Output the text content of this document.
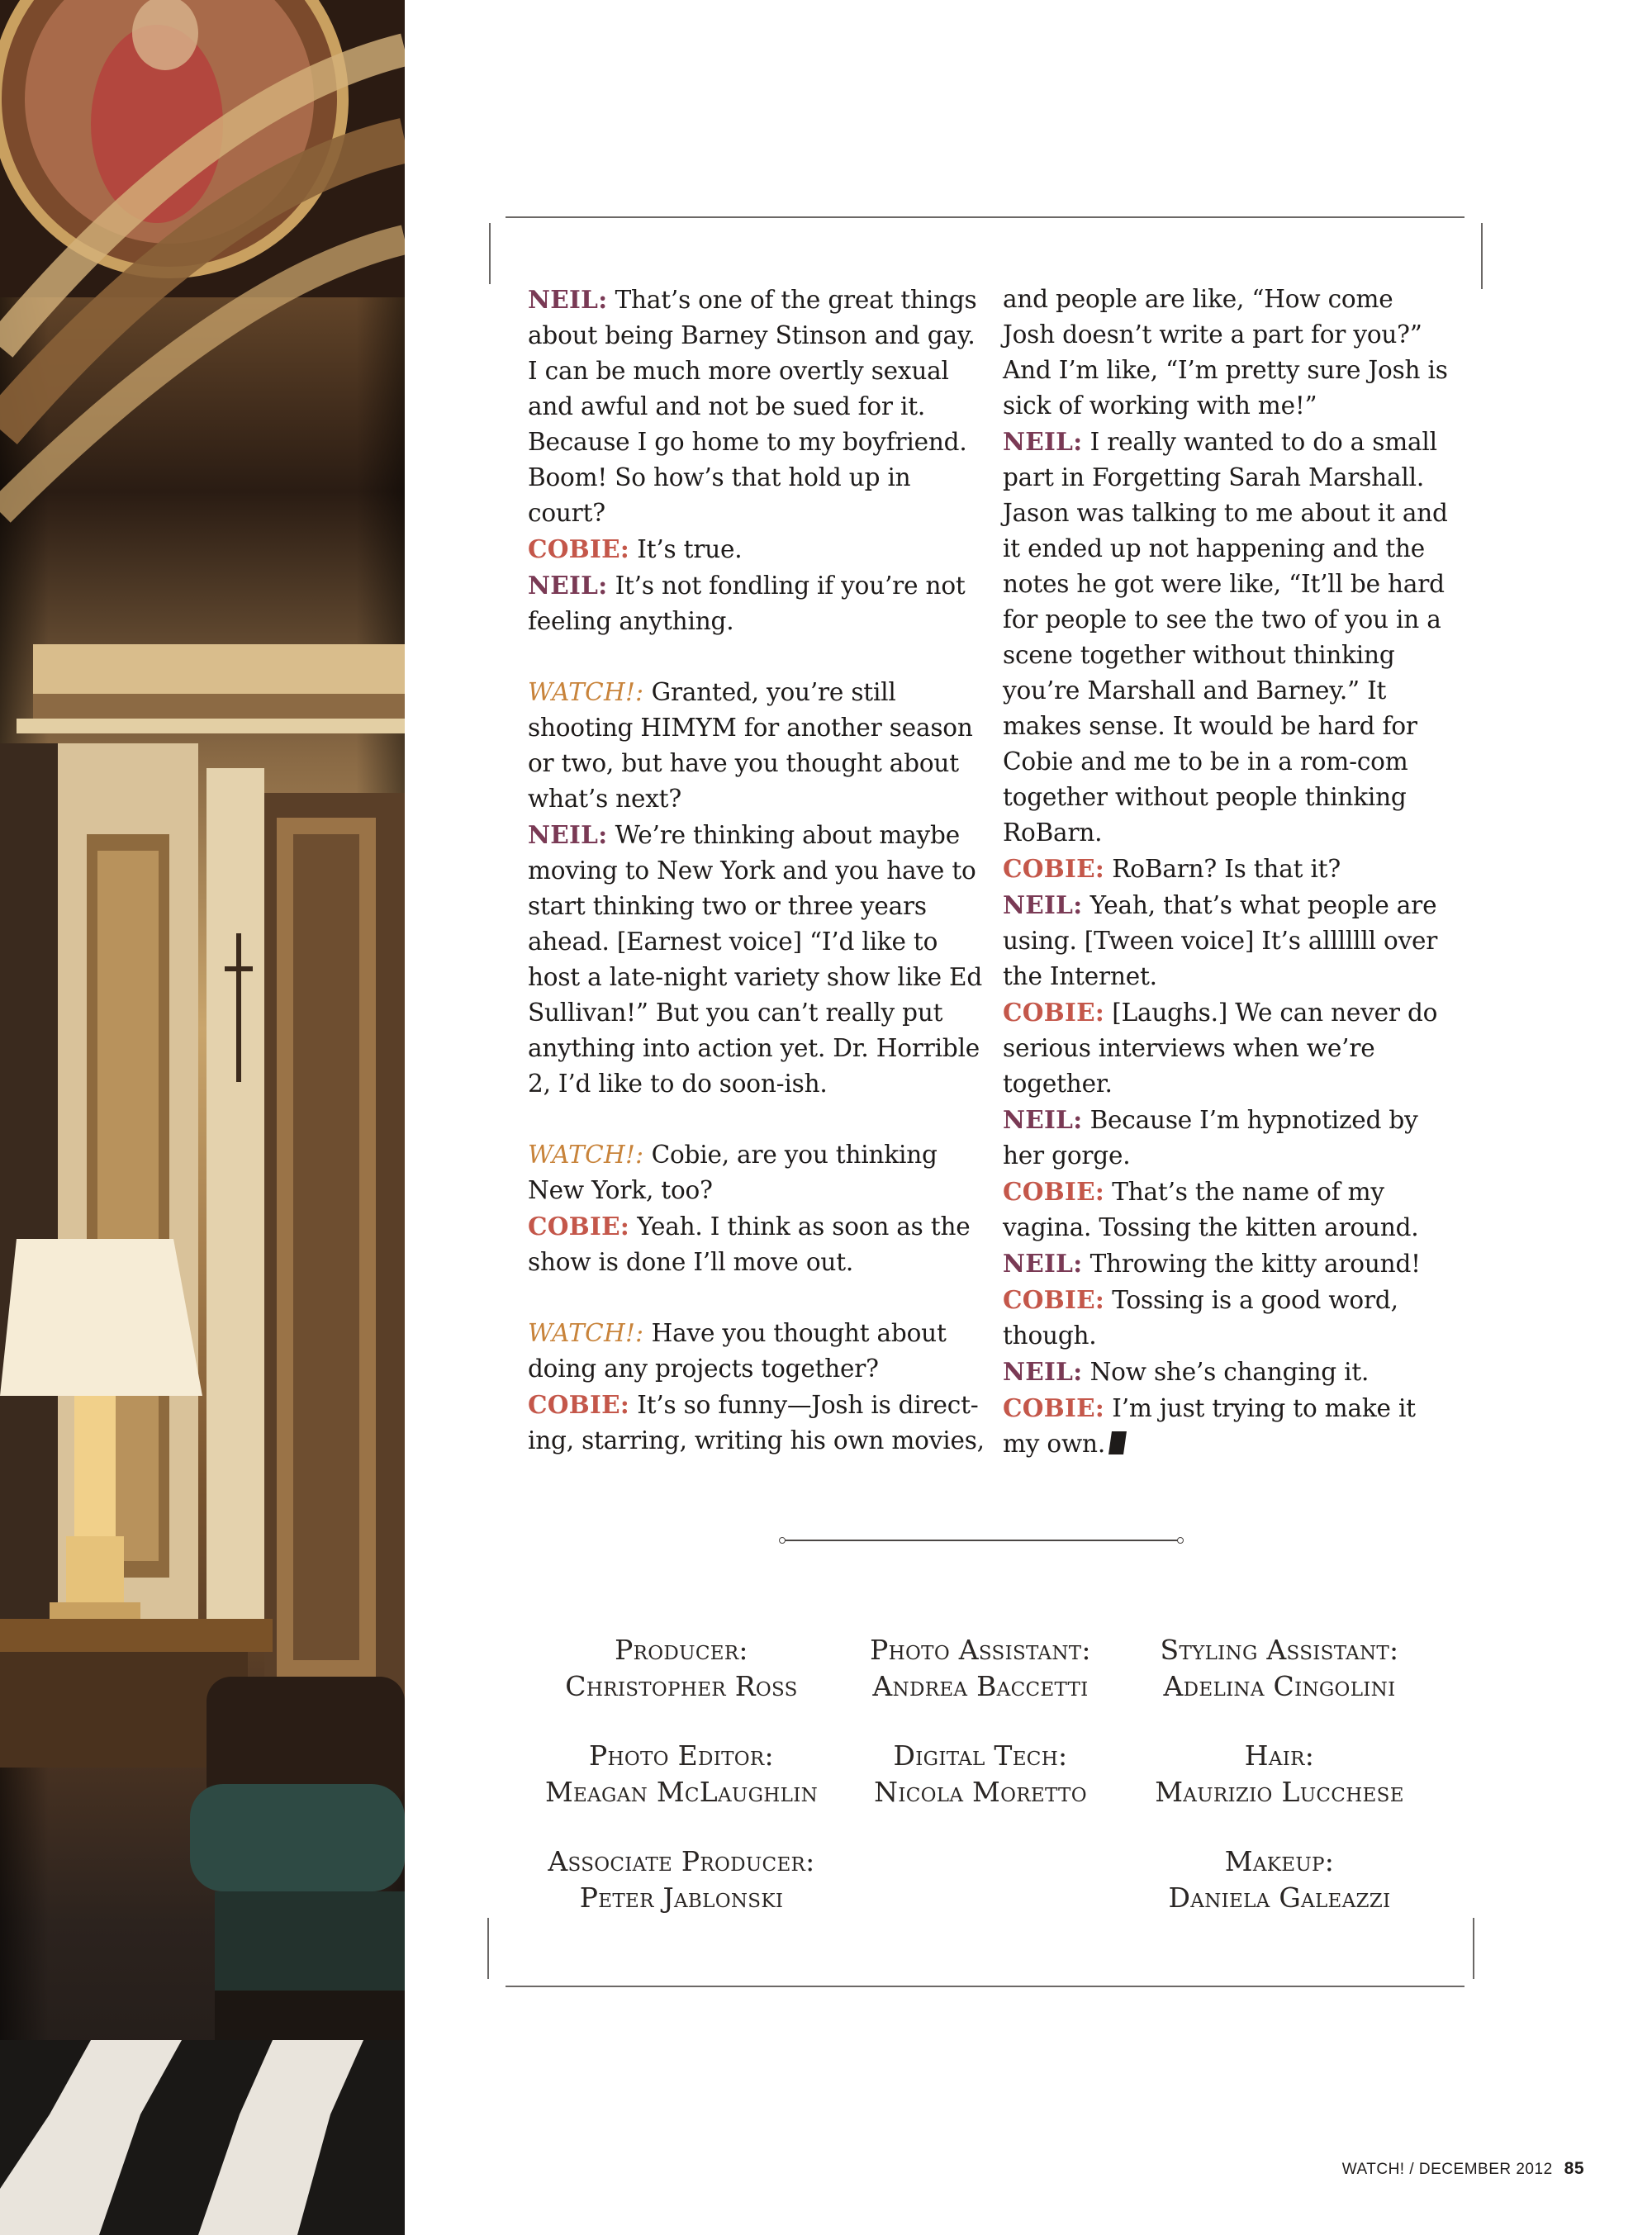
NEIL: That’s one of the great things about being Barney Stinson and gay. I can be much more overtly sexual and awful and not be sued for it. Because I go home to my boyfriend. Boom! So how’s that hold up in court?

COBIE: It’s true.

NEIL: It’s not fondling if you’re not feeling anything.

WATCH!: Granted, you’re still shooting HIMYM for another season or two, but have you thought about what’s next?

NEIL: We’re thinking about maybe moving to New York and you have to start thinking two or three years ahead. [Earnest voice] “I’d like to host a late-night variety show like Ed Sullivan!” But you can’t really put anything into action yet. Dr. Horrible 2, I’d like to do soon-ish.

WATCH!: Cobie, are you thinking New York, too?

COBIE: Yeah. I think as soon as the show is done I’ll move out.

WATCH!: Have you thought about doing any projects together?

COBIE: It’s so funny—Josh is directing, starring, writing his own movies,

and people are like, “How come Josh doesn’t write a part for you?” And I’m like, “I’m pretty sure Josh is sick of working with me!”

NEIL: I really wanted to do a small part in Forgetting Sarah Marshall. Jason was talking to me about it and it ended up not happening and the notes he got were like, “It’ll be hard for people to see the two of you in a scene together without thinking you’re Marshall and Barney.” It makes sense. It would be hard for Cobie and me to be in a rom-com together without people thinking RoBarn.

COBIE: RoBarn? Is that it?

NEIL: Yeah, that’s what people are using. [Tween voice] It’s alllllll over the Internet.

COBIE: [Laughs.] We can never do serious interviews when we’re together.

NEIL: Because I’m hypnotized by her gorge.

COBIE: That’s the name of my vagina. Tossing the kitten around.

NEIL: Throwing the kitty around!

COBIE: Tossing is a good word, though.

NEIL: Now she’s changing it.

COBIE: I’m just trying to make it my own.

Producer:
Christopher Ross
Photo Assistant:
Andrea Baccetti
Styling Assistant:
Adelina Cingolini
Photo Editor:
Meagan McLaughlin
Digital Tech:
Nicola Moretto
Hair:
Maurizio Lucchese
Associate Producer:
Peter Jablonski
Makeup:
Daniela Galeazzi
WATCH! / DECEMBER 2012 85
